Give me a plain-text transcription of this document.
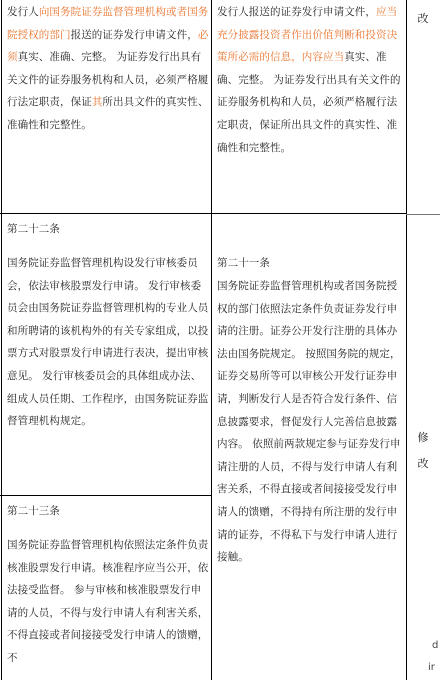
发行人向国务院证券监督管理机构或者国务院授权的部门报送的证券发行申请文件，必须真实、准确、完整。 为证券发行出具有关文件的证券服务机构和人员，必须严格履行法定职责，保证其所出具文件的真实性、准确性和完整性。
发行人报送的证券发行申请文件，应当充分披露投资者作出价值判断和投资决策所必需的信息，内容应当真实、准确、完整。 为证券发行出具有关文件的证券服务机构和人员，必须严格履行法定职责，保证所出具文件的真实性、准确性和完整性。
改
第二十二条
国务院证券监督管理机构设发行审核委员会，依法审核股票发行申请。 发行审核委员会由国务院证券监督管理机构的专业人员和所聘请的该机构外的有关专家组成，以投票方式对股票发行申请进行表决，提出审核意见。 发行审核委员会的具体组成办法、组成人员任期、工作程序，由国务院证券监督管理机构规定。
第二十三条
国务院证券监督管理机构依照法定条件负责核准股票发行申请。核准程序应当公开，依法接受监督。 参与审核和核准股票发行申请的人员，不得与发行申请人有利害关系，不得直接或者间接接受发行申请人的馈赠，不
第二十一条
国务院证券监督管理机构或者国务院授权的部门依照法定条件负责证券发行申请的注册。证券公开发行注册的具体办法由国务院规定。 按照国务院的规定，证券交易所等可以审核公开发行证券申请，判断发行人是否符合发行条件、信息披露要求，督促发行人完善信息披露内容。 依照前两款规定参与证券发行申请注册的人员，不得与发行申请人有利害关系，不得直接或者间接接受发行申请人的馈赠，不得持有所注册的发行申请的证券，不得私下与发行申请人进行接触。
修
改
d
ir
